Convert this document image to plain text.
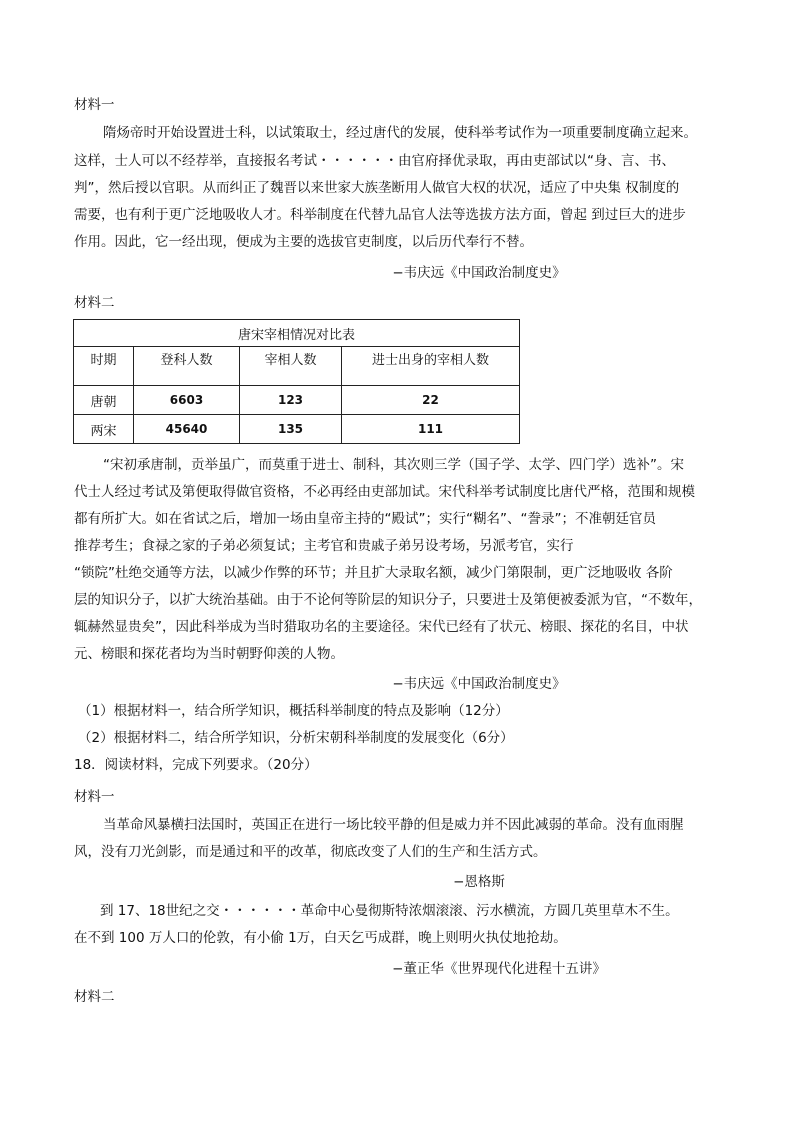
材料一
隋炀帝时开始设置进士科，以试策取士，经过唐代的发展，使科举考试作为一项重要制度确立起来。
这样，士人可以不经荐举，直接报名考试・・・・・・由官府择优录取，再由吏部试以“身、言、书、
判”，然后授以官职。从而纠正了魏晋以来世家大族垄断用人做官大权的状况，适应了中央集 权制度的
需要，也有利于更广泛地吸收人才。科举制度在代替九品官人法等选拔方法方面，曾起 到过巨大的进步
作用。因此，它一经出现，便成为主要的选拔官吏制度，以后历代奉行不替。
−韦庆远《中国政治制度史》
材料二
唐宋宰相情况对比表			
时期	登科人数	宰相人数	进士出身的宰相人数
唐朝	6603	123	22
两宋	45640	135	111
“宋初承唐制，贡举虽广，而莫重于进士、制科，其次则三学（国子学、太学、四门学）选补”。宋
代士人经过考试及第便取得做官资格，不必再经由吏部加试。宋代科举考试制度比唐代严格，范围和规模
都有所扩大。如在省试之后，增加一场由皇帝主持的“殿试”；实行“糊名”、“誊录”；不准朝廷官员
推荐考生；食禄之家的子弟必须复试；主考官和贵戚子弟另设考场，另派考官，实行
“锁院”杜绝交通等方法，以减少作弊的环节；并且扩大录取名额，减少门第限制，更广泛地吸收 各阶
层的知识分子，以扩大统治基础。由于不论何等阶层的知识分子，只要进士及第便被委派为官，“不数年，
辄赫然显贵矣”，因此科举成为当时猎取功名的主要途径。宋代已经有了状元、榜眼、探花的名目，中状
元、榜眼和探花者均为当时朝野仰羡的人物。
−韦庆远《中国政治制度史》
（1）根据材料一，结合所学知识，概括科举制度的特点及影响（12分）
（2）根据材料二，结合所学知识，分析宋朝科举制度的发展变化（6分）
18．阅读材料，完成下列要求。（20分）
材料一
当革命风暴横扫法国时，英国正在进行一场比较平静的但是威力并不因此减弱的革命。没有血雨腥
风，没有刀光剑影，而是通过和平的改革，彻底改变了人们的生产和生活方式。
−恩格斯
到 17、18世纪之交・・・・・・革命中心曼彻斯特浓烟滚滚、污水横流，方圆几英里草木不生。
在不到 100 万人口的伦敦，有小偷 1万，白天乞丐成群，晚上则明火执仗地抢劫。
−董正华《世界现代化进程十五讲》
材料二
